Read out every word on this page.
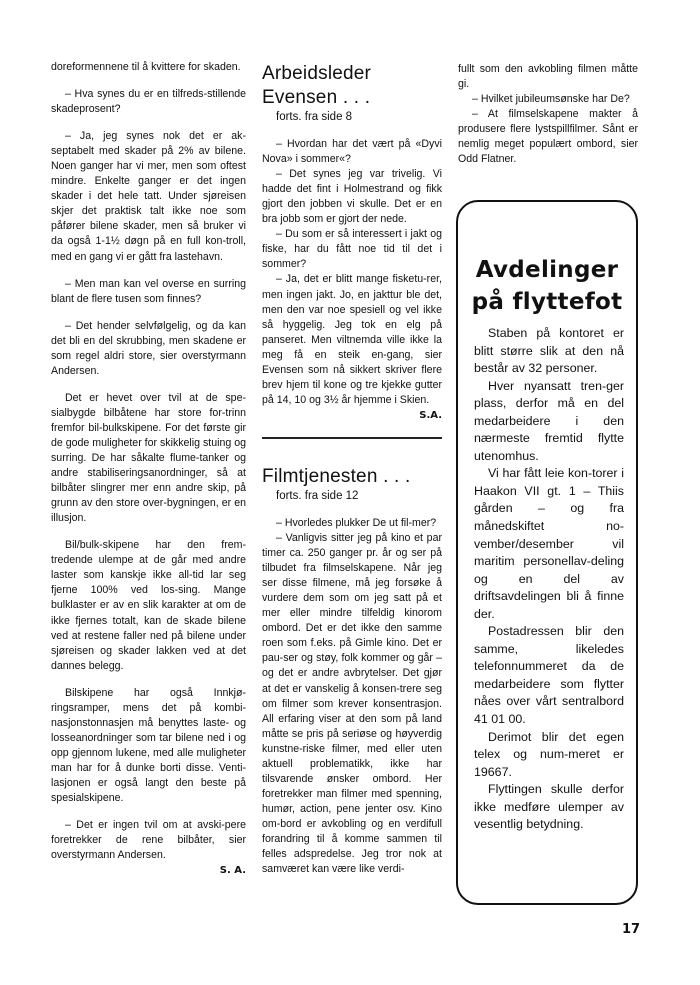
doreformennene til å kvittere for skaden.

– Hva synes du er en tilfreds-stillende skadeprosent?

– Ja, jeg synes nok det er ak-septabelt med skader på 2% av bilene. Noen ganger har vi mer, men som oftest mindre. Enkelte ganger er det ingen skader i det hele tatt. Under sjøreisen skjer det praktisk talt ikke noe som påfører bilene skader, men så bruker vi da også 1-1½ døgn på en full kon-troll, med en gang vi er gått fra lastehavn.

– Men man kan vel overse en surring blant de flere tusen som finnes?

– Det hender selvfølgelig, og da kan det bli en del skrubbing, men skadene er som regel aldri store, sier overstyrmann Andersen.

Det er hevet over tvil at de spe-sialbygde bilbåtene har store for-trinn fremfor bil-bulkskipene. For det første gir de gode muligheter for skikkelig stuing og surring. De har såkalte flume-tanker og andre stabiliseringsanordninger, så at bilbåter slingrer mer enn andre skip, på grunn av den store over-bygningen, er en illusjon.

Bil/bulk-skipene har den frem-tredende ulempe at de går med andre laster som kanskje ikke all-tid lar seg fjerne 100% ved los-sing. Mange bulklaster er av en slik karakter at om de ikke fjernes totalt, kan de skade bilene ved at restene faller ned på bilene under sjøreisen og skader lakken ved at det dannes belegg.

Bilskipene har også Innkjø-ringsramper, mens det på kombi-nasjonstonnasjen må benyttes laste- og losseanordninger som tar bilene ned i og opp gjennom lukene, med alle muligheter man har for å dunke borti disse. Venti-lasjonen er også langt den beste på spesialskipene.

– Det er ingen tvil om at avski-pere foretrekker de rene bilbåter, sier overstyrmann Andersen.

S. A.

Arbeidsleder
Evensen . . .

forts. fra side 8

– Hvordan har det vært på «Dyvi Nova» i sommer«?

– Det synes jeg var trivelig. Vi hadde det fint i Holmestrand og fikk gjort den jobben vi skulle. Det er en bra jobb som er gjort der nede.

– Du som er så interessert i jakt og fiske, har du fått noe tid til det i sommer?

– Ja, det er blitt mange fisketu-rer, men ingen jakt. Jo, en jakttur ble det, men den var noe spesiell og vel ikke så hyggelig. Jeg tok en elg på panseret. Men viltnemda ville ikke la meg få en steik en-gang, sier Evensen som nå sikkert skriver flere brev hjem til kone og tre kjekke gutter på 14, 10 og 3½ år hjemme i Skien.

S.A.

Filmtjenesten . . .

forts. fra side 12

– Hvorledes plukker De ut fil-mer?

– Vanligvis sitter jeg på kino et par timer ca. 250 ganger pr. år og ser på tilbudet fra filmselskapene. Når jeg ser disse filmene, må jeg forsøke å vurdere dem som om jeg satt på et mer eller mindre tilfeldig kinorom ombord. Det er det ikke den samme roen som f.eks. på Gimle kino. Det er pau-ser og støy, folk kommer og går –og det er andre avbrytelser. Det gjør at det er vanskelig å konsen-trere seg om filmer som krever konsentrasjon. All erfaring viser at den som på land måtte se pris på seriøse og høyverdig kunstne-riske filmer, med eller uten aktuell problematikk, ikke har tilsvarende ønsker ombord. Her foretrekker man filmer med spenning, humør, action, pene jenter osv. Kino om-bord er avkobling og en verdifull forandring til å komme sammen til felles adspredelse. Jeg tror nok at samværet kan være like verdi-

fullt som den avkobling filmen måtte gi.

– Hvilket jubileumsønske har De?

– At filmselskapene makter å produsere flere lystspillfilmer. Sånt er nemlig meget populært ombord, sier Odd Flatner.

Avdelinger
på flyttefot

Staben på kontoret er blitt større slik at den nå består av 32 personer.

Hver nyansatt tren-ger plass, derfor må en del medarbeidere i den nærmeste fremtid flytte utenomhus.

Vi har fått leie kon-torer i Haakon VII gt. 1 – Thiis gården – og fra månedskiftet no-vember/desember vil maritim personellav-deling og en del av driftsavdelingen bli å finne der.

Postadressen blir den samme, likeledes telefonnummeret da de medarbeidere som flytter nåes over vårt sentralbord 41 01 00.

Derimot blir det egen telex og num-meret er 19667.

Flyttingen skulle derfor ikke medføre ulemper av vesentlig betydning.

17
